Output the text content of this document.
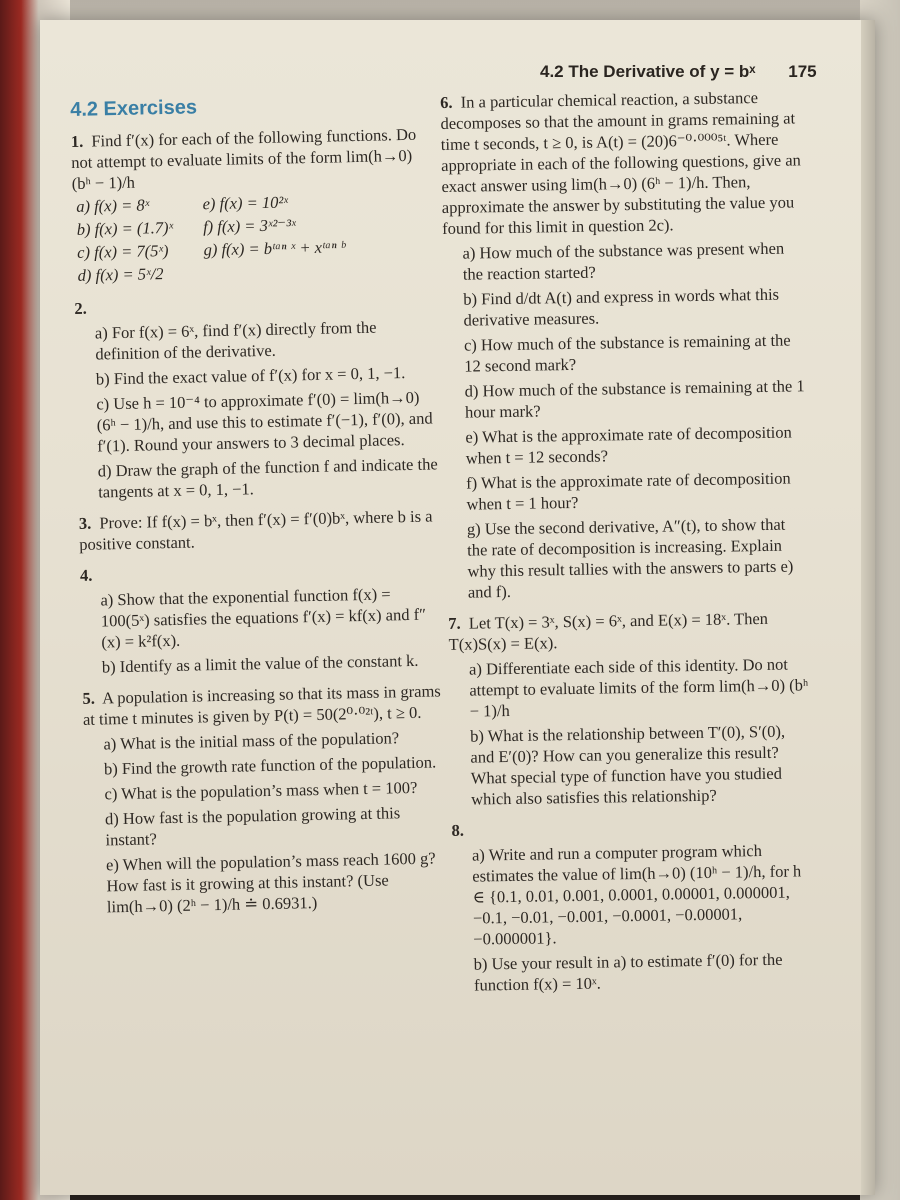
4.2 The Derivative of y = bˣ 175
4.2 Exercises
1. Find f′(x) for each of the following functions. Do not attempt to evaluate limits of the form lim(h→0) (bʰ − 1)/h
a) f(x) = 8ˣ
b) f(x) = (1.7)ˣ
c) f(x) = 7(5ˣ)
d) f(x) = 5ˣ/2
e) f(x) = 10²ˣ
f) f(x) = 3ˣ²⁻³ˣ
g) f(x) = bᵗᵃⁿ ˣ + xᵗᵃⁿ ᵇ
2.
a) For f(x) = 6ˣ, find f′(x) directly from the definition of the derivative.
b) Find the exact value of f′(x) for x = 0, 1, −1.
c) Use h = 10⁻⁴ to approximate f′(0) = lim(h→0) (6ʰ − 1)/h, and use this to estimate f′(−1), f′(0), and f′(1). Round your answers to 3 decimal places.
d) Draw the graph of the function f and indicate the tangents at x = 0, 1, −1.
3. Prove: If f(x) = bˣ, then f′(x) = f′(0)bˣ, where b is a positive constant.
4.
a) Show that the exponential function f(x) = 100(5ˣ) satisfies the equations f′(x) = kf(x) and f″(x) = k²f(x).
b) Identify as a limit the value of the constant k.
5. A population is increasing so that its mass in grams at time t minutes is given by P(t) = 50(2⁰·⁰²ᵗ), t ≥ 0.
a) What is the initial mass of the population?
b) Find the growth rate function of the population.
c) What is the population’s mass when t = 100?
d) How fast is the population growing at this instant?
e) When will the population’s mass reach 1600 g? How fast is it growing at this instant? (Use lim(h→0) (2ʰ − 1)/h ≐ 0.6931.)
6. In a particular chemical reaction, a substance decomposes so that the amount in grams remaining at time t seconds, t ≥ 0, is A(t) = (20)6⁻⁰·⁰⁰⁰⁵ᵗ. Where appropriate in each of the following questions, give an exact answer using lim(h→0) (6ʰ − 1)/h. Then, approximate the answer by substituting the value you found for this limit in question 2c).
a) How much of the substance was present when the reaction started?
b) Find d/dt A(t) and express in words what this derivative measures.
c) How much of the substance is remaining at the 12 second mark?
d) How much of the substance is remaining at the 1 hour mark?
e) What is the approximate rate of decomposition when t = 12 seconds?
f) What is the approximate rate of decomposition when t = 1 hour?
g) Use the second derivative, A″(t), to show that the rate of decomposition is increasing. Explain why this result tallies with the answers to parts e) and f).
7. Let T(x) = 3ˣ, S(x) = 6ˣ, and E(x) = 18ˣ. Then T(x)S(x) = E(x).
a) Differentiate each side of this identity. Do not attempt to evaluate limits of the form lim(h→0) (bʰ − 1)/h
b) What is the relationship between T′(0), S′(0), and E′(0)? How can you generalize this result? What special type of function have you studied which also satisfies this relationship?
8.
a) Write and run a computer program which estimates the value of lim(h→0) (10ʰ − 1)/h, for h ∈ {0.1, 0.01, 0.001, 0.0001, 0.00001, 0.000001, −0.1, −0.01, −0.001, −0.0001, −0.00001, −0.000001}.
b) Use your result in a) to estimate f′(0) for the function f(x) = 10ˣ.
